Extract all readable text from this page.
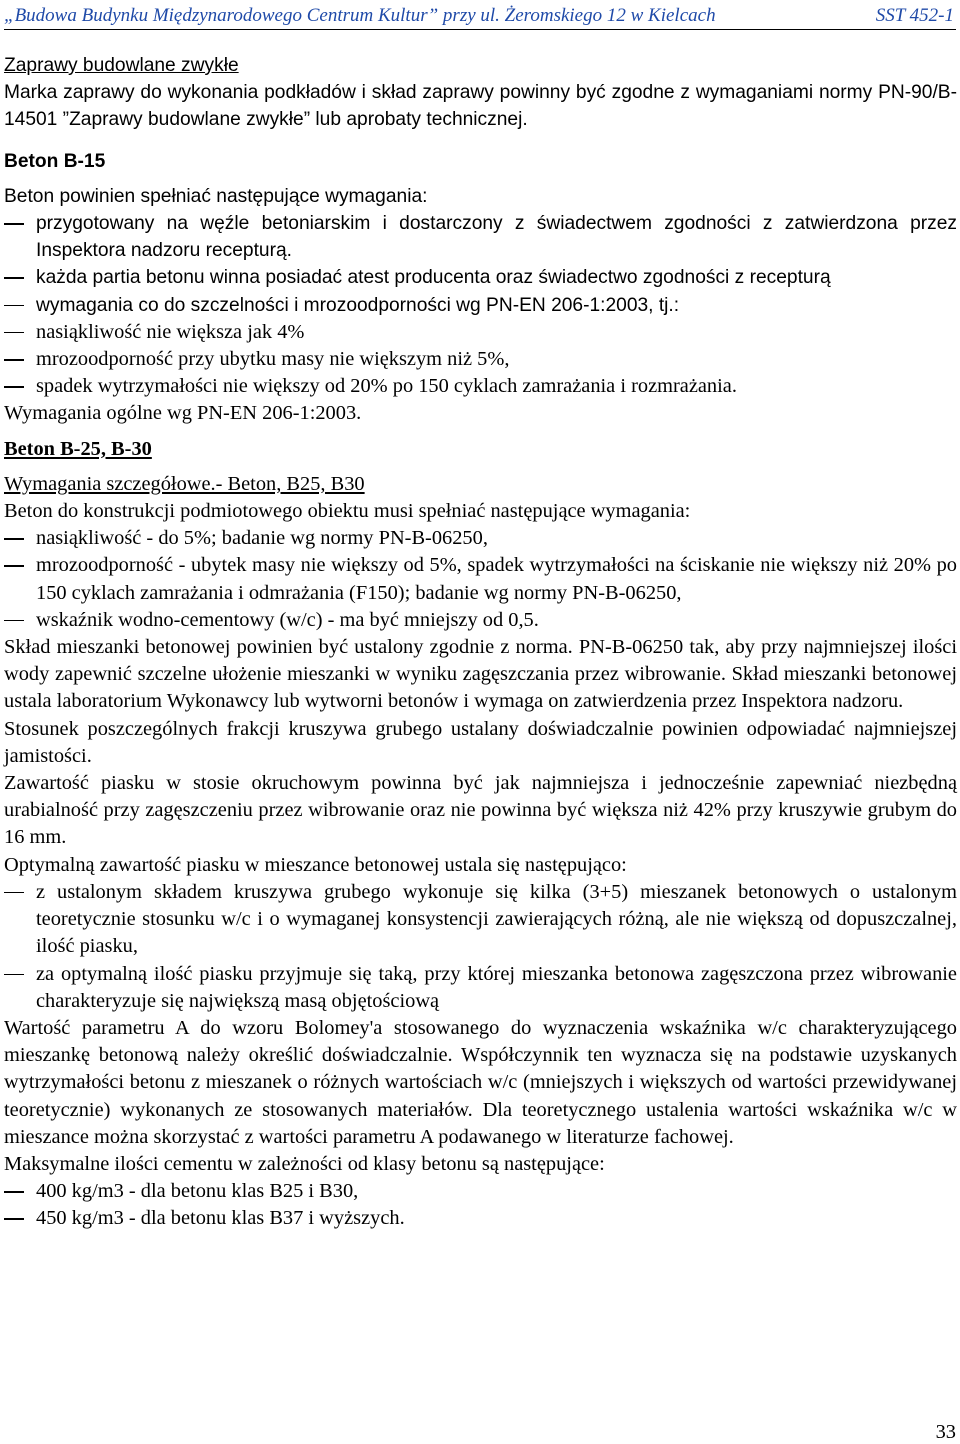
„Budowa Budynku Międzynarodowego Centrum Kultur” przy ul. Żeromskiego 12 w Kielcach	SST 452-1

Zaprawy budowlane zwykłe

Marka zaprawy do wykonania podkładów i skład zaprawy powinny być zgodne z wymaganiami normy PN-90/B-14501 ”Zaprawy budowlane zwykłe” lub aprobaty technicznej.

Beton B-15

Beton powinien spełniać następujące wymagania:

przygotowany na węźle betoniarskim i dostarczony z świadectwem zgodności z zatwierdzona przez Inspektora nadzoru recepturą.

każda partia betonu winna posiadać atest producenta oraz świadectwo zgodności z recepturą

wymagania co do szczelności i mrozoodporności wg PN-EN 206-1:2003, tj.:

nasiąkliwość nie większa jak 4%

mrozoodporność przy ubytku masy nie większym niż 5%,

spadek wytrzymałości nie większy od 20% po 150 cyklach zamrażania i rozmrażania.

Wymagania ogólne wg PN-EN 206-1:2003.

Beton B-25, B-30

Wymagania szczegółowe.- Beton, B25, B30

Beton do konstrukcji podmiotowego obiektu musi spełniać następujące wymagania:

nasiąkliwość - do 5%; badanie wg normy PN-B-06250,

mrozoodporność - ubytek masy nie większy od 5%, spadek wytrzymałości na ściskanie nie większy niż 20% po 150 cyklach zamrażania i odmrażania (F150); badanie wg normy PN-B-06250,

wskaźnik wodno-cementowy (w/c) - ma być mniejszy od 0,5.

Skład mieszanki betonowej powinien być ustalony zgodnie z norma. PN-B-06250 tak, aby przy najmniejszej ilości wody zapewnić szczelne ułożenie mieszanki w wyniku zagęszczania przez wibrowanie. Skład mieszanki betonowej ustala laboratorium Wykonawcy lub wytworni betonów i wymaga on zatwierdzenia przez Inspektora nadzoru.

Stosunek poszczególnych frakcji kruszywa grubego ustalany doświadczalnie powinien odpowiadać najmniejszej jamistości.

Zawartość piasku w stosie okruchowym powinna być jak najmniejsza i jednocześnie zapewniać niezbędną urabialność przy zagęszczeniu przez wibrowanie oraz nie powinna być większa niż 42% przy kruszywie grubym do 16 mm.

Optymalną zawartość piasku w mieszance betonowej ustala się następująco:

z ustalonym składem kruszywa grubego wykonuje się kilka (3+5) mieszanek betonowych o ustalonym teoretycznie stosunku w/c i o wymaganej konsystencji zawierających różną, ale nie większą od dopuszczalnej, ilość piasku,

za optymalną ilość piasku przyjmuje się taką, przy której mieszanka betonowa zagęszczona przez wibrowanie charakteryzuje się największą masą objętościową

Wartość parametru A do wzoru Bolomey'a stosowanego do wyznaczenia wskaźnika w/c charakteryzującego mieszankę betonową należy określić doświadczalnie. Współczynnik ten wyznacza się na podstawie uzyskanych wytrzymałości betonu z mieszanek o różnych wartościach w/c (mniejszych i większych od wartości przewidywanej teoretycznie) wykonanych ze stosowanych materiałów. Dla teoretycznego ustalenia wartości wskaźnika w/c w mieszance można skorzystać z wartości parametru A podawanego w literaturze fachowej.

Maksymalne ilości cementu w zależności od klasy betonu są następujące:

400 kg/m3 - dla betonu klas B25 i B30,

450 kg/m3 - dla betonu klas B37 i wyższych.

33
